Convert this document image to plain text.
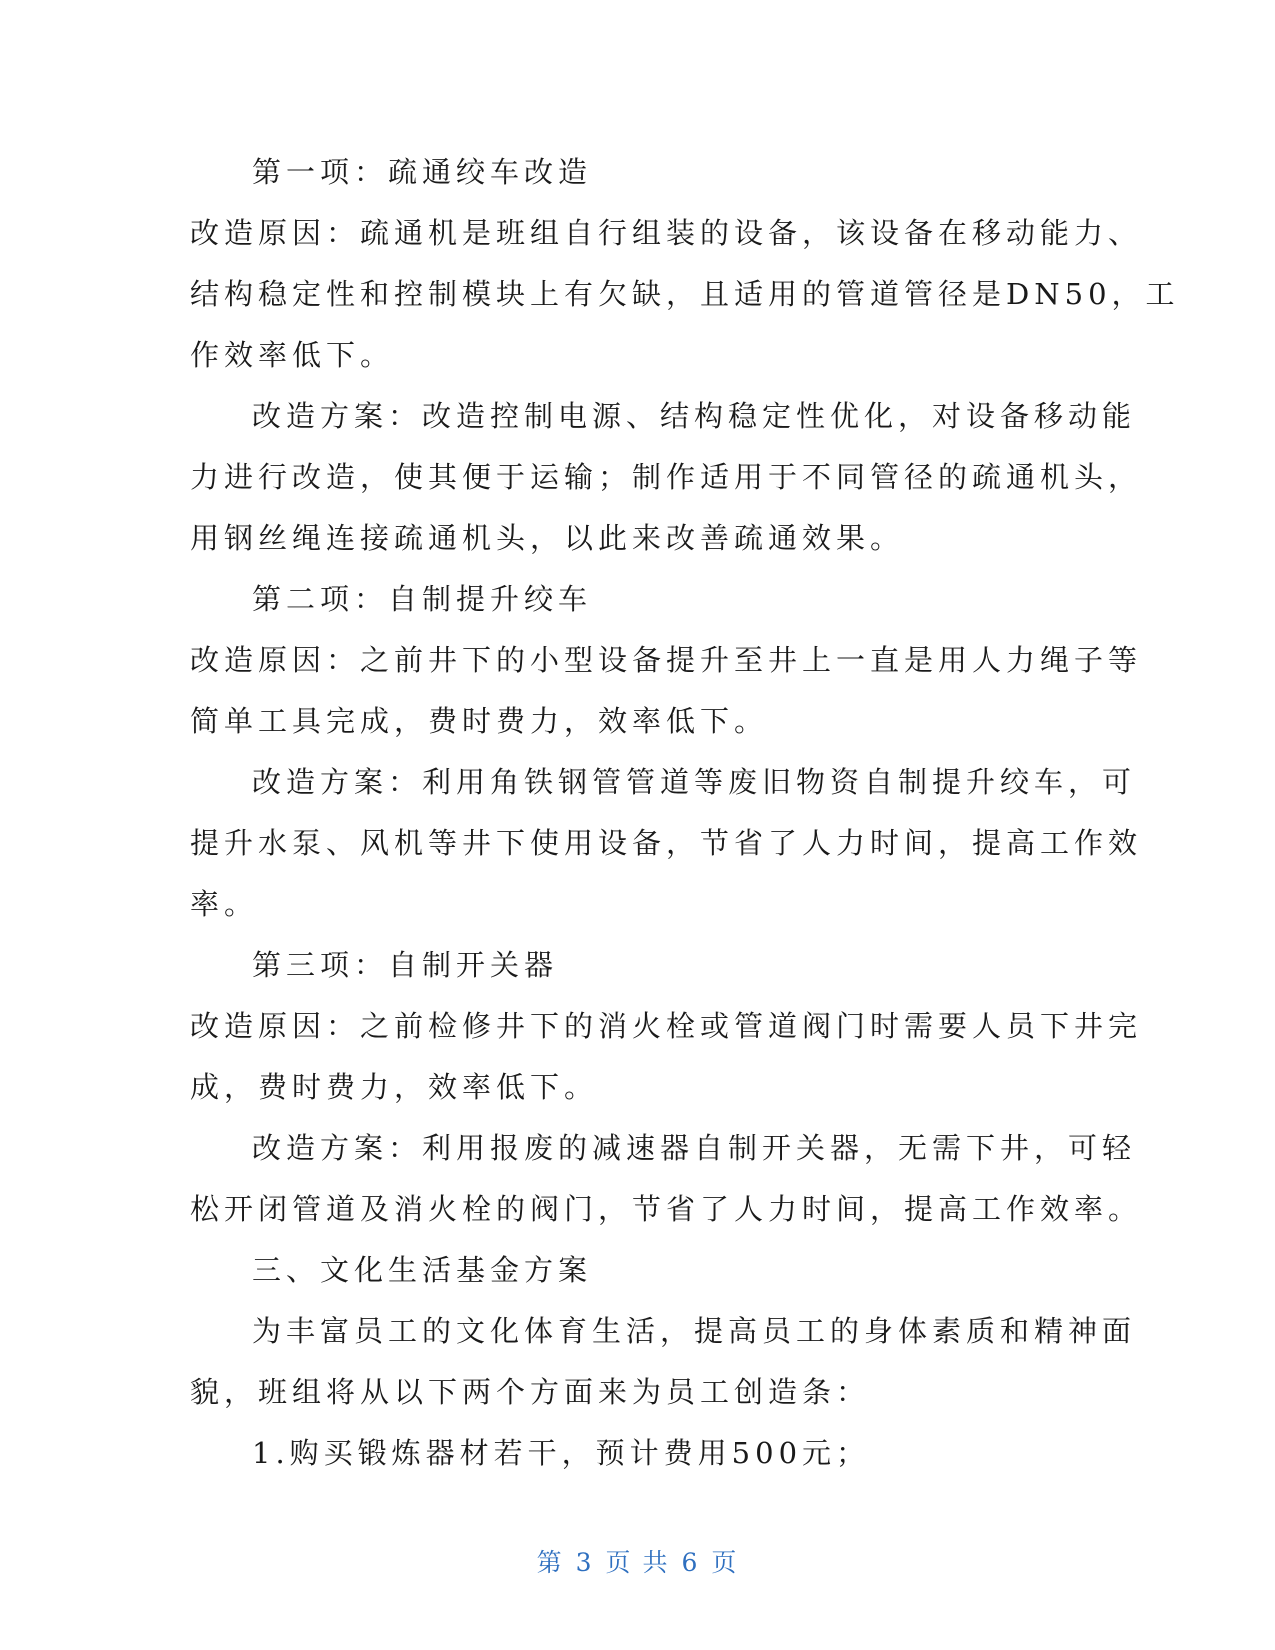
第一项：疏通绞车改造
改造原因：疏通机是班组自行组装的设备，该设备在移动能力、
结构稳定性和控制模块上有欠缺，且适用的管道管径是DN50，工
作效率低下。
改造方案：改造控制电源、结构稳定性优化，对设备移动能
力进行改造，使其便于运输；制作适用于不同管径的疏通机头，
用钢丝绳连接疏通机头，以此来改善疏通效果。
第二项：自制提升绞车
改造原因：之前井下的小型设备提升至井上一直是用人力绳子等
简单工具完成，费时费力，效率低下。
改造方案：利用角铁钢管管道等废旧物资自制提升绞车，可
提升水泵、风机等井下使用设备，节省了人力时间，提高工作效
率。
第三项：自制开关器
改造原因：之前检修井下的消火栓或管道阀门时需要人员下井完
成，费时费力，效率低下。
改造方案：利用报废的减速器自制开关器，无需下井，可轻
松开闭管道及消火栓的阀门，节省了人力时间，提高工作效率。
三、文化生活基金方案
为丰富员工的文化体育生活，提高员工的身体素质和精神面
貌，班组将从以下两个方面来为员工创造条：
1.购买锻炼器材若干，预计费用500元；
第 3 页 共 6 页
